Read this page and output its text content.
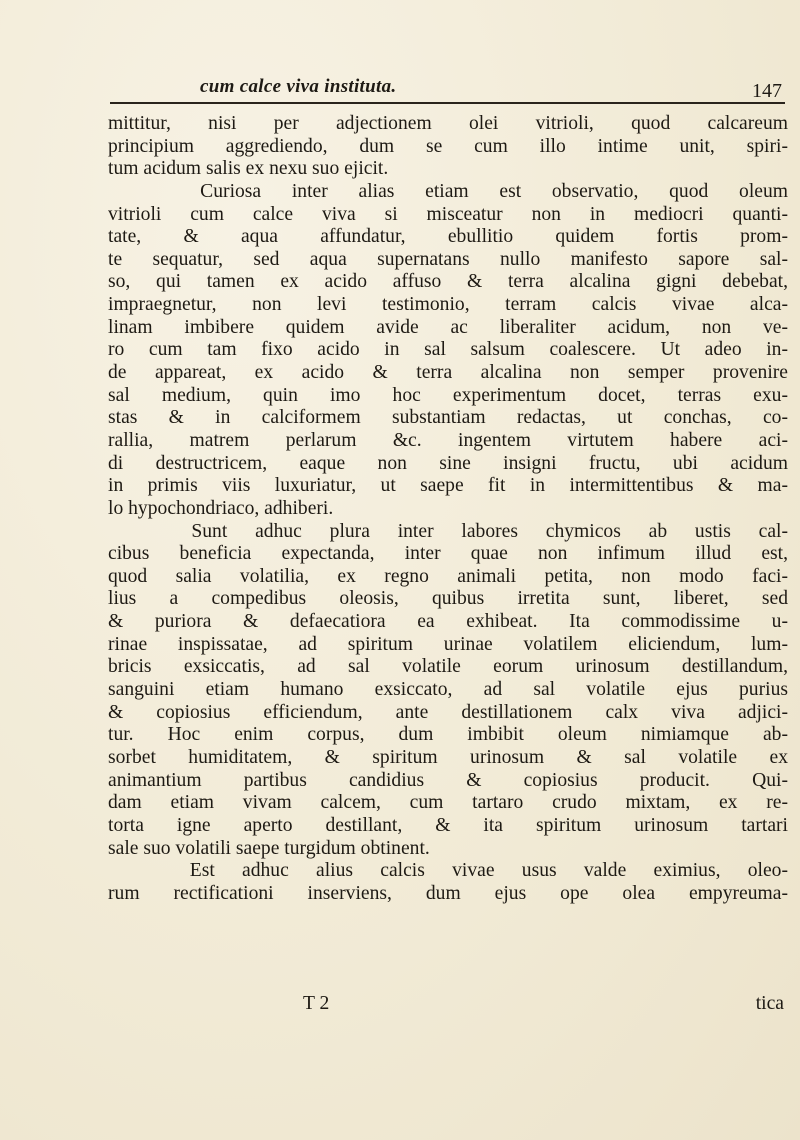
cum calce viva instituta.	147
mittitur, nisi per adjectionem olei vitrioli, quod calcareum
principium aggrediendo, dum se cum illo intime unit, spiri-
tum acidum salis ex nexu suo ejicit.
Curiosa inter alias etiam est observatio, quod oleum
vitrioli cum calce viva si misceatur non in mediocri quanti-
tate, & aqua affundatur, ebullitio quidem fortis prom-
te sequatur, sed aqua supernatans nullo manifesto sapore sal-
so, qui tamen ex acido affuso & terra alcalina gigni debebat,
impraegnetur, non levi testimonio, terram calcis vivae alca-
linam imbibere quidem avide ac liberaliter acidum, non ve-
ro cum tam fixo acido in sal salsum coalescere. Ut adeo in-
de appareat, ex acido & terra alcalina non semper provenire
sal medium, quin imo hoc experimentum docet, terras exu-
stas & in calciformem substantiam redactas, ut conchas, co-
rallia, matrem perlarum &c. ingentem virtutem habere aci-
di destructricem, eaque non sine insigni fructu, ubi acidum
in primis viis luxuriatur, ut saepe fit in intermittentibus & ma-
lo hypochondriaco, adhiberi.
Sunt adhuc plura inter labores chymicos ab ustis cal-
cibus beneficia expectanda, inter quae non infimum illud est,
quod salia volatilia, ex regno animali petita, non modo faci-
lius a compedibus oleosis, quibus irretita sunt, liberet, sed
& puriora & defaecatiora ea exhibeat. Ita commodissime u-
rinae inspissatae, ad spiritum urinae volatilem eliciendum, lum-
bricis exsiccatis, ad sal volatile eorum urinosum destillandum,
sanguini etiam humano exsiccato, ad sal volatile ejus purius
& copiosius efficiendum, ante destillationem calx viva adjici-
tur. Hoc enim corpus, dum imbibit oleum nimiamque ab-
sorbet humiditatem, & spiritum urinosum & sal volatile ex
animantium partibus candidius & copiosius producit. Qui-
dam etiam vivam calcem, cum tartaro crudo mixtam, ex re-
torta igne aperto destillant, & ita spiritum urinosum tartari
sale suo volatili saepe turgidum obtinent.
Est adhuc alius calcis vivae usus valde eximius, oleo-
rum rectificationi inserviens, dum ejus ope olea empyreuma-
T 2	tica
